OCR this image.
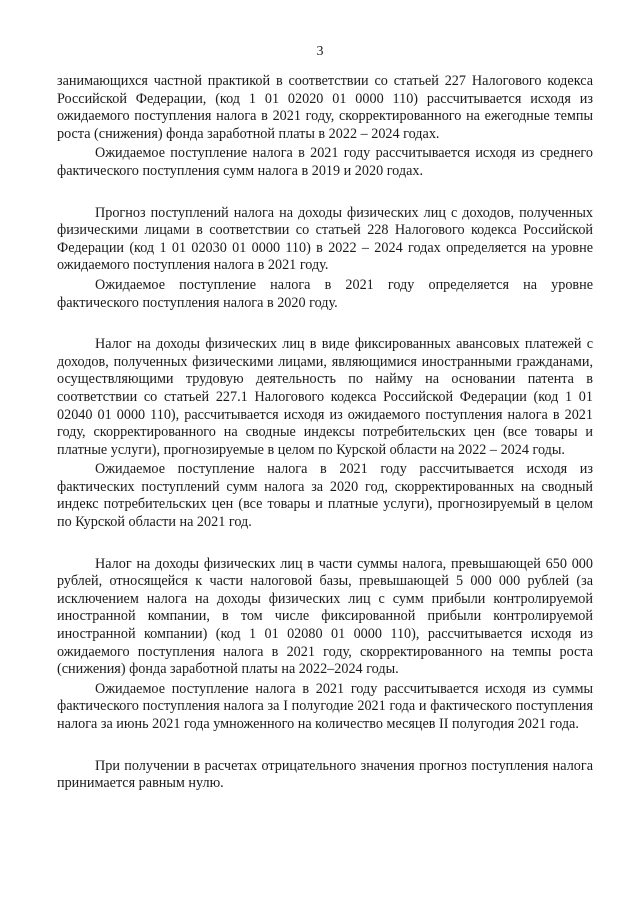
3

занимающихся частной практикой в соответствии со статьей 227 Налогового кодекса Российской Федерации, (код 1 01 02020 01 0000 110) рассчитывается исходя из ожидаемого поступления налога в 2021 году, скорректированного на ежегодные темпы роста (снижения) фонда заработной платы в 2022 – 2024 годах.

Ожидаемое поступление налога в 2021 году рассчитывается исходя из среднего фактического поступления сумм налога в 2019 и 2020 годах.

Прогноз поступлений налога на доходы физических лиц с доходов, полученных физическими лицами в соответствии со статьей 228 Налогового кодекса Российской Федерации (код 1 01 02030 01 0000 110) в 2022 – 2024 годах определяется на уровне ожидаемого поступления налога в 2021 году.

Ожидаемое поступление налога в 2021 году определяется на уровне фактического поступления налога в 2020 году.

Налог на доходы физических лиц в виде фиксированных авансовых платежей с доходов, полученных физическими лицами, являющимися иностранными гражданами, осуществляющими трудовую деятельность по найму на основании патента в соответствии со статьей 227.1 Налогового кодекса Российской Федерации (код 1 01 02040 01 0000 110), рассчитывается исходя из ожидаемого поступления налога в 2021 году, скорректированного на сводные индексы потребительских цен (все товары и платные услуги), прогнозируемые в целом по Курской области на 2022 – 2024 годы.

Ожидаемое поступление налога в 2021 году рассчитывается исходя из фактических поступлений сумм налога за 2020 год, скорректированных на сводный индекс потребительских цен (все товары и платные услуги), прогнозируемый в целом по Курской области на 2021 год.

Налог на доходы физических лиц в части суммы налога, превышающей 650 000 рублей, относящейся к части налоговой базы, превышающей 5 000 000 рублей (за исключением налога на доходы физических лиц с сумм прибыли контролируемой иностранной компании, в том числе фиксированной прибыли контролируемой иностранной компании) (код 1 01 02080 01 0000 110), рассчитывается исходя из ожидаемого поступления налога в 2021 году, скорректированного на темпы роста (снижения) фонда заработной платы на 2022–2024 годы.

Ожидаемое поступление налога в 2021 году рассчитывается исходя из суммы фактического поступления налога за I полугодие 2021 года и фактического поступления налога за июнь 2021 года умноженного на количество месяцев II полугодия 2021 года.

При получении в расчетах отрицательного значения прогноз поступления налога принимается равным нулю.
